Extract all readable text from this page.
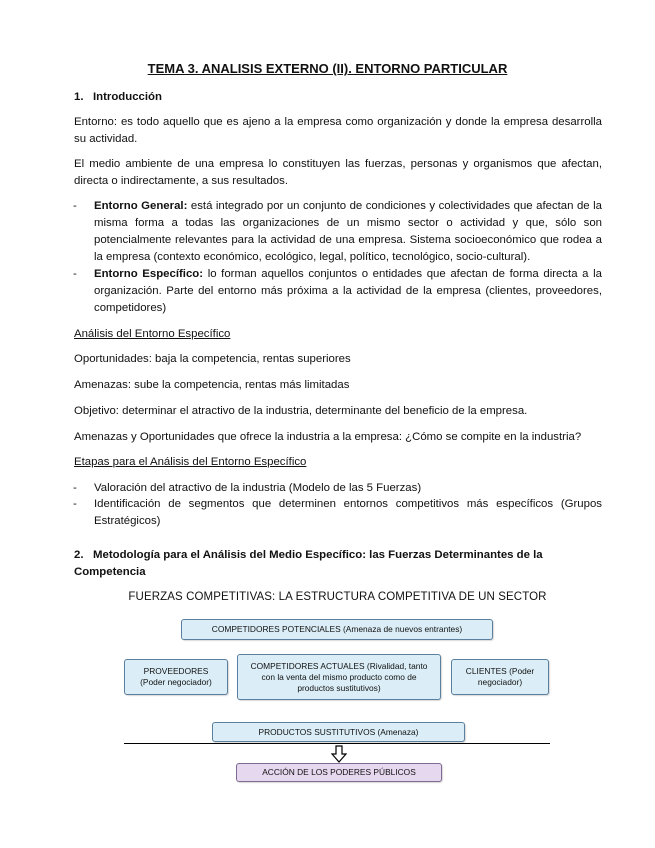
TEMA 3. ANALISIS EXTERNO (II). ENTORNO PARTICULAR
1. Introducción

Entorno: es todo aquello que es ajeno a la empresa como organización y donde la empresa desarrolla su actividad.

El medio ambiente de una empresa lo constituyen las fuerzas, personas y organismos que afectan, directa o indirectamente, a sus resultados.

- Entorno General: está integrado por un conjunto de condiciones y colectividades que afectan de la misma forma a todas las organizaciones de un mismo sector o actividad y que, sólo son potencialmente relevantes para la actividad de una empresa. Sistema socioeconómico que rodea a la empresa (contexto económico, ecológico, legal, político, tecnológico, socio-cultural).
- Entorno Específico: lo forman aquellos conjuntos o entidades que afectan de forma directa a la organización. Parte del entorno más próxima a la actividad de la empresa (clientes, proveedores, competidores)

Análisis del Entorno Específico

Oportunidades: baja la competencia, rentas superiores

Amenazas: sube la competencia, rentas más limitadas

Objetivo: determinar el atractivo de la industria, determinante del beneficio de la empresa.

Amenazas y Oportunidades que ofrece la industria a la empresa: ¿Cómo se compite en la industria?

Etapas para el Análisis del Entorno Específico

- Valoración del atractivo de la industria (Modelo de las 5 Fuerzas)
- Identificación de segmentos que determinen entornos competitivos más específicos (Grupos Estratégicos)
2. Metodología para el Análisis del Medio Específico: las Fuerzas Determinantes de la Competencia
FUERZAS COMPETITIVAS: LA ESTRUCTURA COMPETITIVA DE UN SECTOR
COMPETIDORES POTENCIALES (Amenaza de nuevos entrantes)
PROVEEDORES (Poder negociador)
COMPETIDORES ACTUALES (Rivalidad, tanto con la venta del mismo producto como de productos sustitutivos)
CLIENTES (Poder negociador)
PRODUCTOS SUSTITUTIVOS (Amenaza)
ACCIÓN DE LOS PODERES PÚBLICOS
